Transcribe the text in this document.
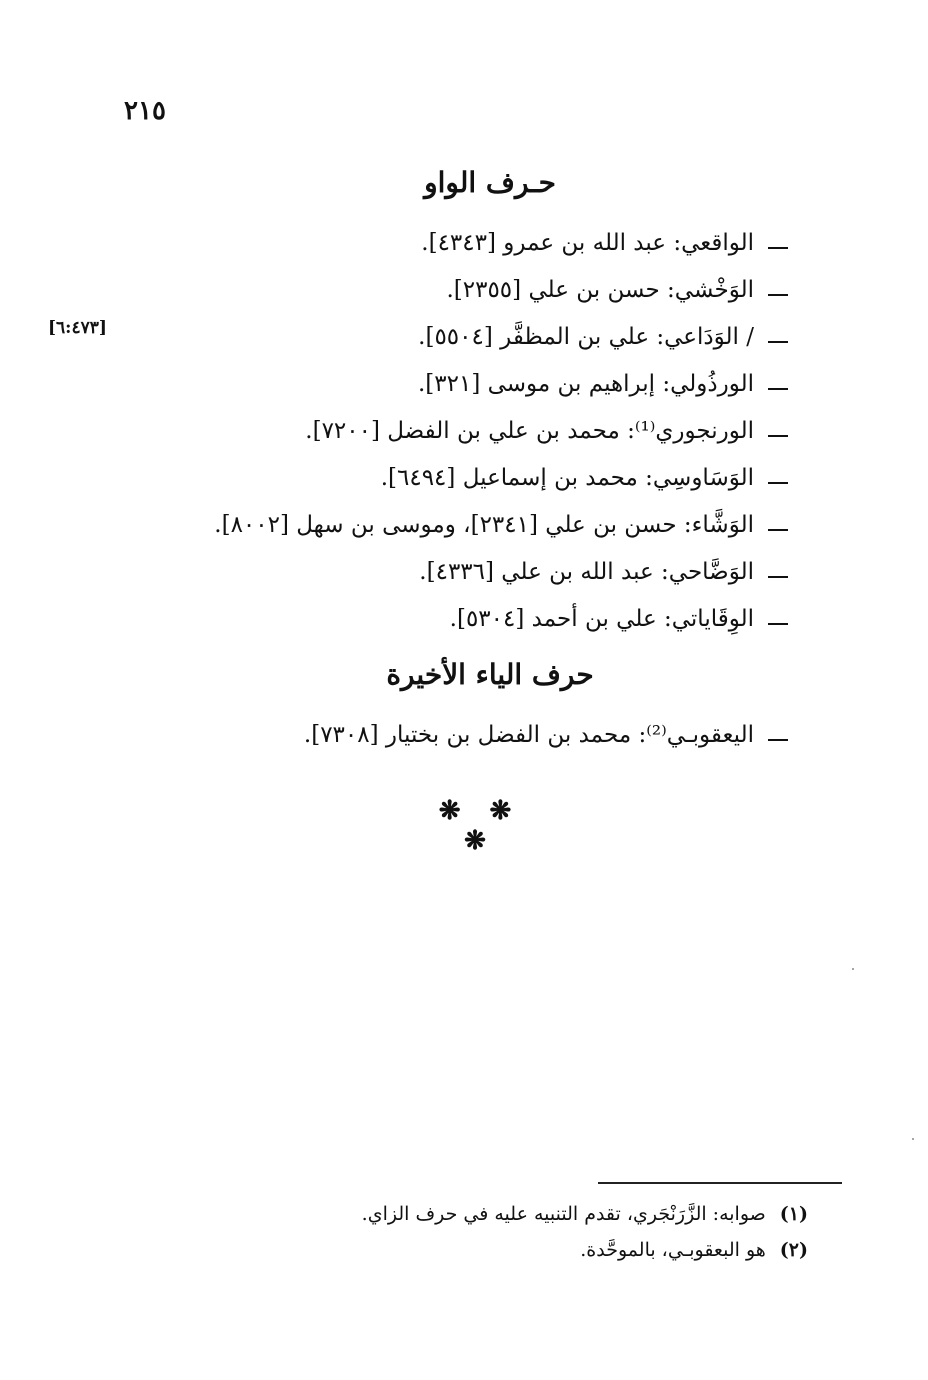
٢١٥
[٦:٤٧٣]
حـرف الواو
الواقعي: عبد الله بن عمرو [٤٣٤٣].
الوَخْشي: حسن بن علي [٢٣٥٥].
/ الوَدَاعي: علي بن المظفَّر [٥٥٠٤].
الورذُولي: إبراهيم بن موسى [٣٢١].
الورنجوري⁽¹⁾: محمد بن علي بن الفضل [٧٢٠٠].
الوَسَاوسِي: محمد بن إسماعيل [٦٤٩٤].
الوَشَّاء: حسن بن علي [٢٣٤١]، وموسى بن سهل [٨٠٠٢].
الوَضَّاحي: عبد الله بن علي [٤٣٣٦].
الوِقَاياتي: علي بن أحمد [٥٣٠٤].
حرف الياء الأخيرة
اليعقوبـي⁽²⁾: محمد بن الفضل بن بختيار [٧٣٠٨].
❋ ❋ ❋
(١)صوابه: الزَّرَنْجَري، تقدم التنبيه عليه في حرف الزاي.
(٢)هو البعقوبـي، بالموحَّدة.
